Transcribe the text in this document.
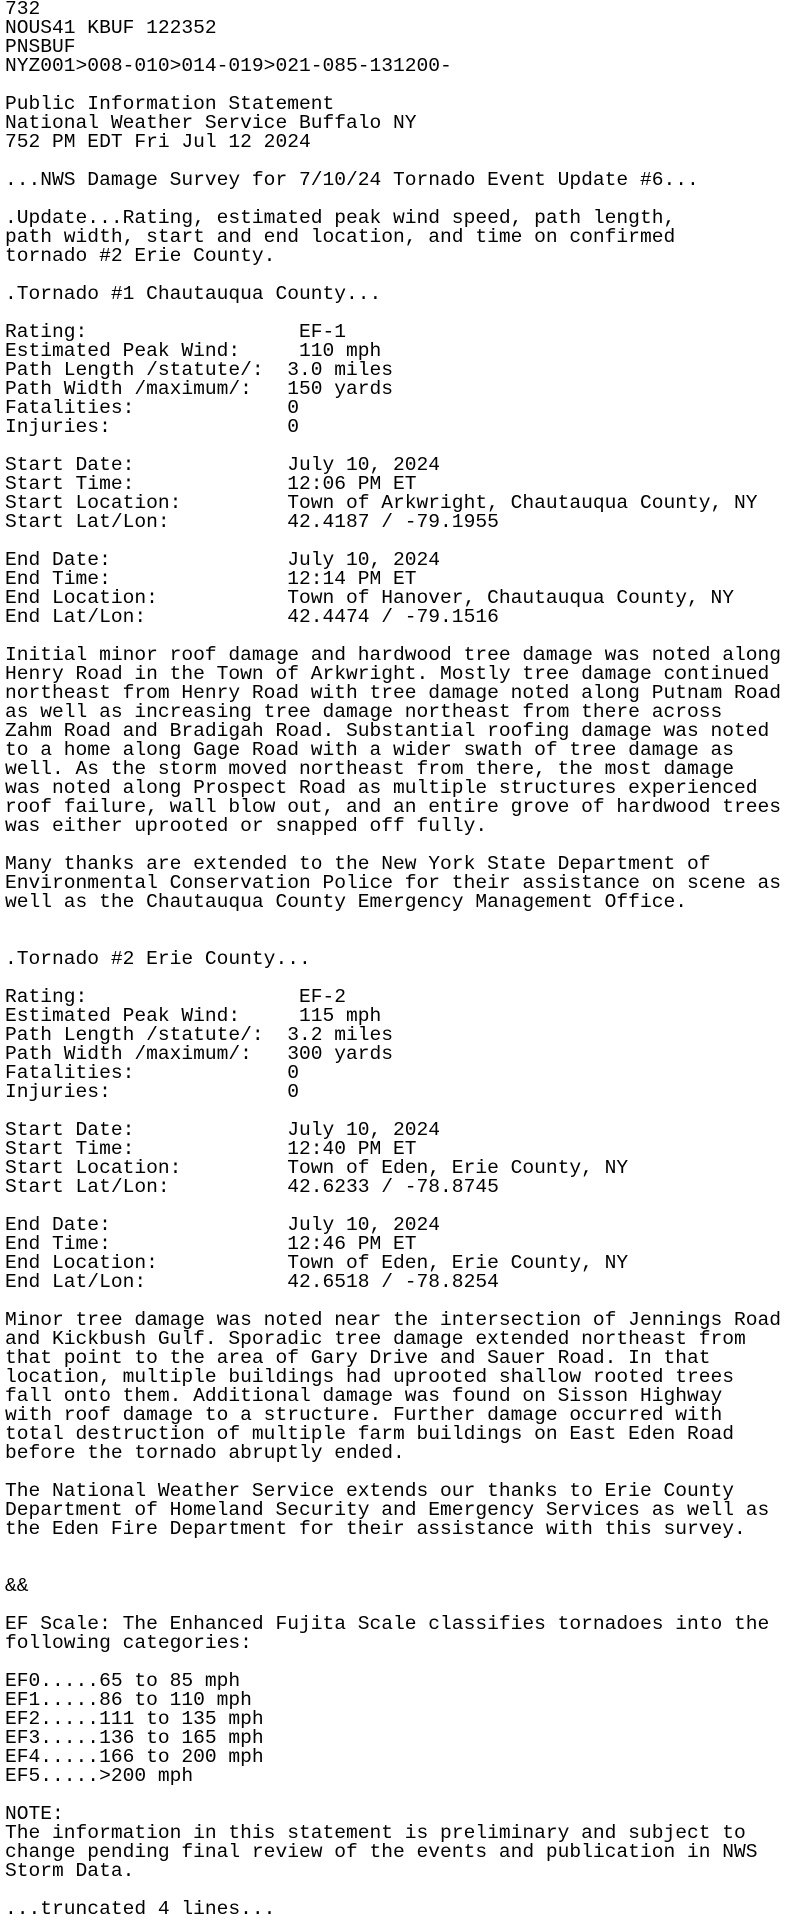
732
NOUS41 KBUF 122352
PNSBUF
NYZ001>008-010>014-019>021-085-131200-
Public Information Statement
National Weather Service Buffalo NY
752 PM EDT Fri Jul 12 2024
...NWS Damage Survey for 7/10/24 Tornado Event Update #6...
.Update...Rating, estimated peak wind speed, path length,
path width, start and end location, and time on confirmed
tornado #2 Erie County.
.Tornado #1 Chautauqua County...
Rating:                  EF-1
Estimated Peak Wind:     110 mph
Path Length /statute/:  3.0 miles
Path Width /maximum/:   150 yards
Fatalities:             0
Injuries:               0
Start Date:             July 10, 2024
Start Time:             12:06 PM ET
Start Location:         Town of Arkwright, Chautauqua County, NY
Start Lat/Lon:          42.4187 / -79.1955
End Date:               July 10, 2024
End Time:               12:14 PM ET
End Location:           Town of Hanover, Chautauqua County, NY
End Lat/Lon:            42.4474 / -79.1516
Initial minor roof damage and hardwood tree damage was noted along
Henry Road in the Town of Arkwright. Mostly tree damage continued
northeast from Henry Road with tree damage noted along Putnam Road
as well as increasing tree damage northeast from there across
Zahm Road and Bradigah Road. Substantial roofing damage was noted
to a home along Gage Road with a wider swath of tree damage as
well. As the storm moved northeast from there, the most damage
was noted along Prospect Road as multiple structures experienced
roof failure, wall blow out, and an entire grove of hardwood trees
was either uprooted or snapped off fully.
Many thanks are extended to the New York State Department of
Environmental Conservation Police for their assistance on scene as
well as the Chautauqua County Emergency Management Office.
.Tornado #2 Erie County...
Rating:                  EF-2
Estimated Peak Wind:     115 mph
Path Length /statute/:  3.2 miles
Path Width /maximum/:   300 yards
Fatalities:             0
Injuries:               0
Start Date:             July 10, 2024
Start Time:             12:40 PM ET
Start Location:         Town of Eden, Erie County, NY
Start Lat/Lon:          42.6233 / -78.8745
End Date:               July 10, 2024
End Time:               12:46 PM ET
End Location:           Town of Eden, Erie County, NY
End Lat/Lon:            42.6518 / -78.8254
Minor tree damage was noted near the intersection of Jennings Road
and Kickbush Gulf. Sporadic tree damage extended northeast from
that point to the area of Gary Drive and Sauer Road. In that
location, multiple buildings had uprooted shallow rooted trees
fall onto them. Additional damage was found on Sisson Highway
with roof damage to a structure. Further damage occurred with
total destruction of multiple farm buildings on East Eden Road
before the tornado abruptly ended.
The National Weather Service extends our thanks to Erie County
Department of Homeland Security and Emergency Services as well as
the Eden Fire Department for their assistance with this survey.
&&
EF Scale: The Enhanced Fujita Scale classifies tornadoes into the
following categories:
EF0.....65 to 85 mph
EF1.....86 to 110 mph
EF2.....111 to 135 mph
EF3.....136 to 165 mph
EF4.....166 to 200 mph
EF5.....>200 mph
NOTE:
The information in this statement is preliminary and subject to
change pending final review of the events and publication in NWS
Storm Data.
...truncated 4 lines...
